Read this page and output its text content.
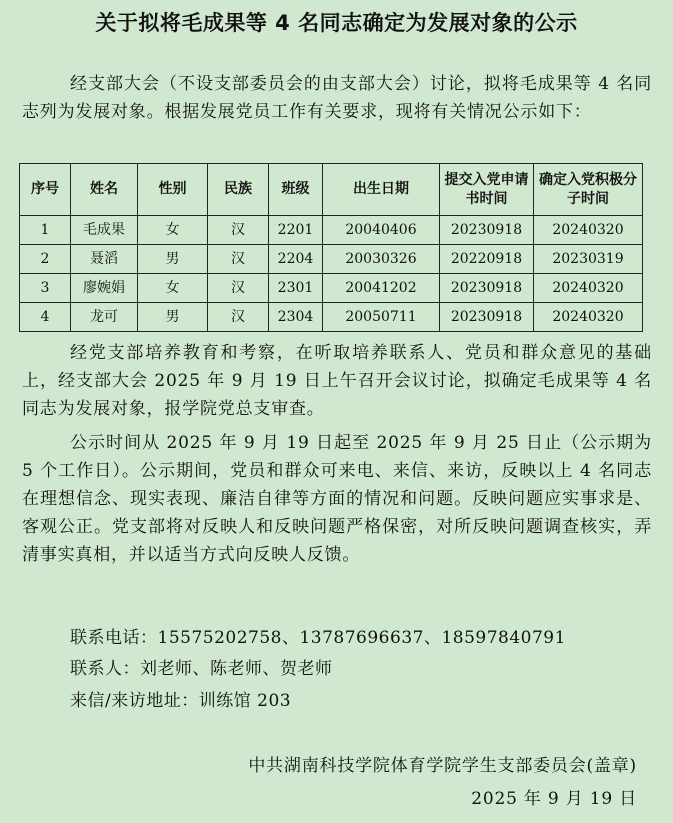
关于拟将毛成果等 4 名同志确定为发展对象的公示

经支部大会（不设支部委员会的由支部大会）讨论，拟将毛成果等 4 名同志列为发展对象。根据发展党员工作有关要求，现将有关情况公示如下：

序号	姓名	性别	民族	班级	出生日期	提交入党申请书时间	确定入党积极分子时间
1	毛成果	女	汉	2201	20040406	20230918	20240320
2	聂滔	男	汉	2204	20030326	20220918	20230319
3	廖婉娟	女	汉	2301	20041202	20230918	20240320
4	龙可	男	汉	2304	20050711	20230918	20240320

经党支部培养教育和考察，在听取培养联系人、党员和群众意见的基础上，经支部大会 2025 年 9 月 19 日上午召开会议讨论，拟确定毛成果等 4 名同志为发展对象，报学院党总支审查。

公示时间从 2025 年 9 月 19 日起至 2025 年 9 月 25 日止（公示期为 5 个工作日）。公示期间，党员和群众可来电、来信、来访，反映以上 4 名同志在理想信念、现实表现、廉洁自律等方面的情况和问题。反映问题应实事求是、客观公正。党支部将对反映人和反映问题严格保密，对所反映问题调查核实，弄清事实真相，并以适当方式向反映人反馈。

联系电话：15575202758、13787696637、18597840791
联系人：刘老师、陈老师、贺老师
来信/来访地址：训练馆 203
中共湖南科技学院体育学院学生支部委员会(盖章)
2025 年 9 月 19 日
